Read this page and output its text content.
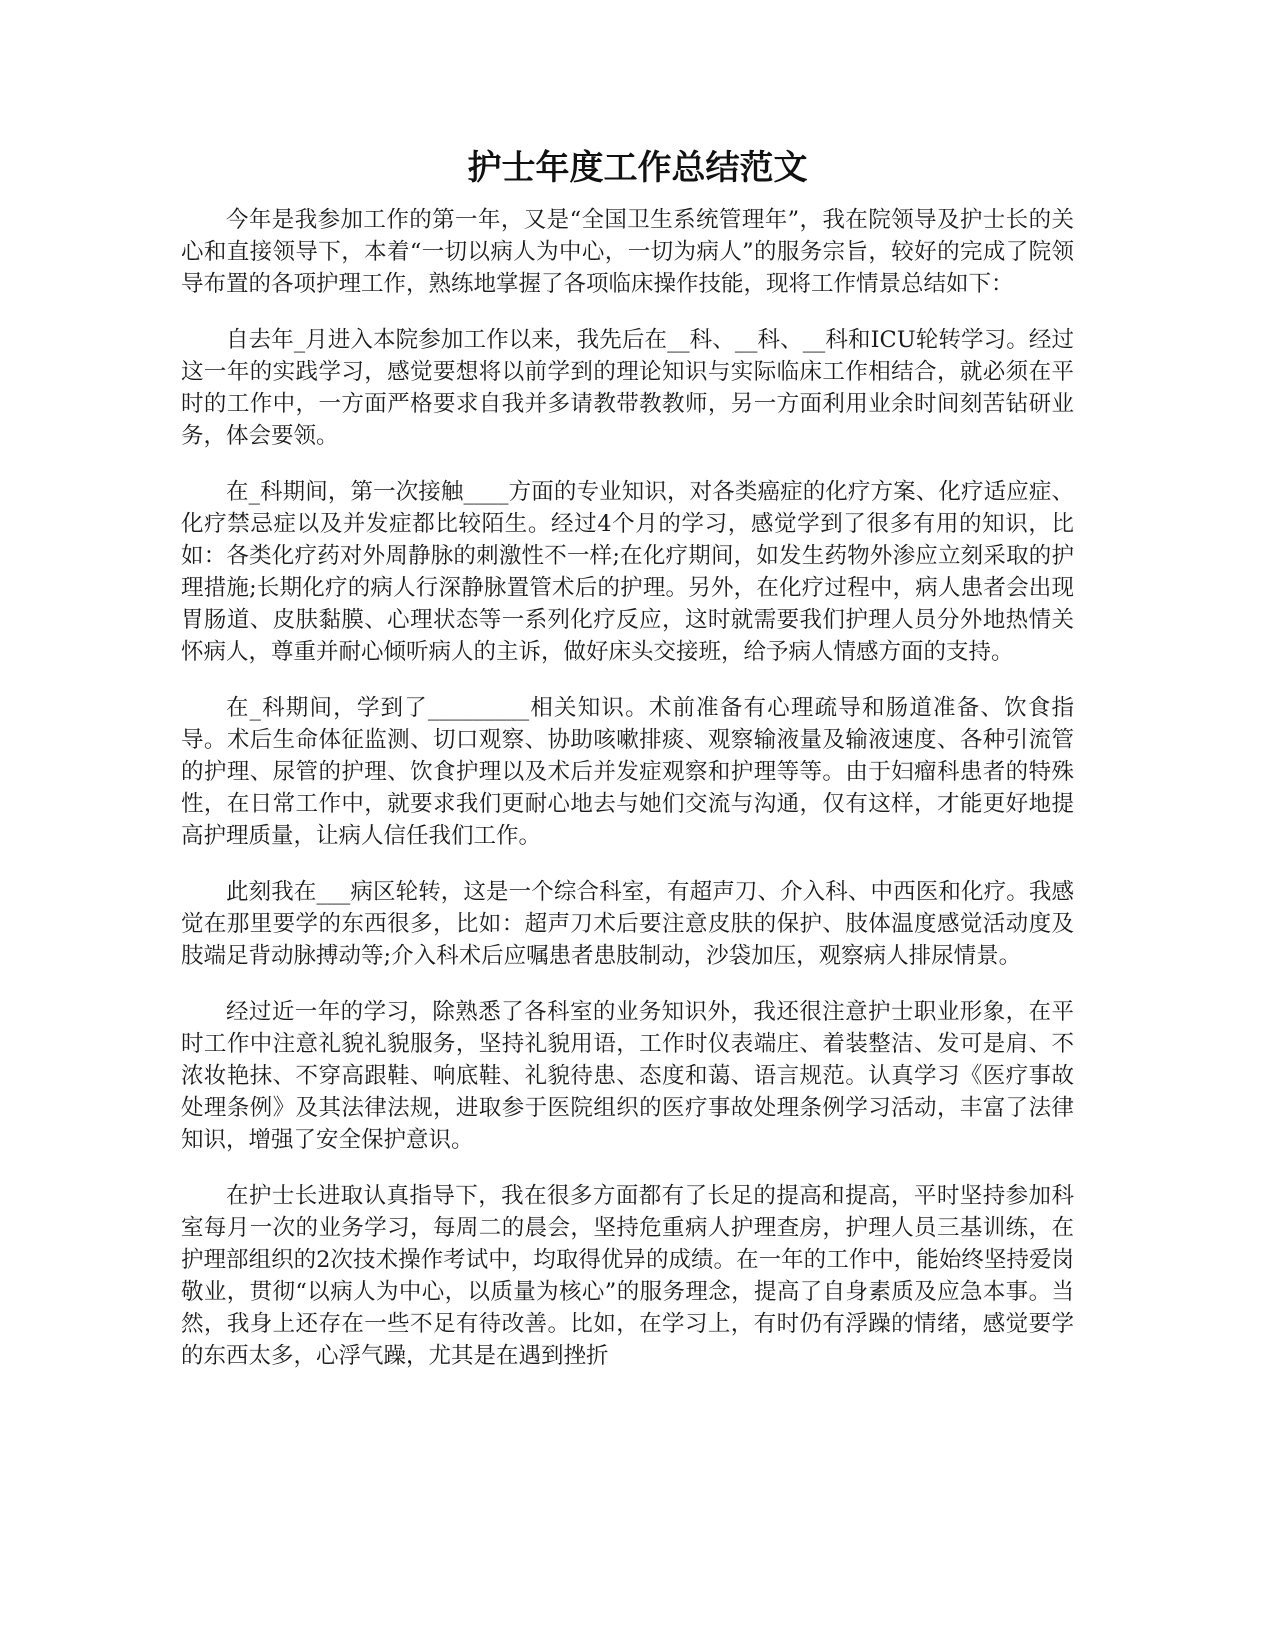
护士年度工作总结范文

今年是我参加工作的第一年，又是“全国卫生系统管理年”，我在院领导及护士长的关心和直接领导下，本着“一切以病人为中心，一切为病人”的服务宗旨，较好的完成了院领导布置的各项护理工作，熟练地掌握了各项临床操作技能，现将工作情景总结如下：

自去年_月进入本院参加工作以来，我先后在__科、__科、__科和ICU轮转学习。经过这一年的实践学习，感觉要想将以前学到的理论知识与实际临床工作相结合，就必须在平时的工作中，一方面严格要求自我并多请教带教教师，另一方面利用业余时间刻苦钻研业务，体会要领。

在_科期间，第一次接触____方面的专业知识，对各类癌症的化疗方案、化疗适应症、化疗禁忌症以及并发症都比较陌生。经过4个月的学习，感觉学到了很多有用的知识，比如：各类化疗药对外周静脉的刺激性不一样;在化疗期间，如发生药物外渗应立刻采取的护理措施;长期化疗的病人行深静脉置管术后的护理。另外，在化疗过程中，病人患者会出现胃肠道、皮肤黏膜、心理状态等一系列化疗反应，这时就需要我们护理人员分外地热情关怀病人，尊重并耐心倾听病人的主诉，做好床头交接班，给予病人情感方面的支持。

在_科期间，学到了_________相关知识。术前准备有心理疏导和肠道准备、饮食指导。术后生命体征监测、切口观察、协助咳嗽排痰、观察输液量及输液速度、各种引流管的护理、尿管的护理、饮食护理以及术后并发症观察和护理等等。由于妇瘤科患者的特殊性，在日常工作中，就要求我们更耐心地去与她们交流与沟通，仅有这样，才能更好地提高护理质量，让病人信任我们工作。

此刻我在___病区轮转，这是一个综合科室，有超声刀、介入科、中西医和化疗。我感觉在那里要学的东西很多，比如：超声刀术后要注意皮肤的保护、肢体温度感觉活动度及肢端足背动脉搏动等;介入科术后应嘱患者患肢制动，沙袋加压，观察病人排尿情景。

经过近一年的学习，除熟悉了各科室的业务知识外，我还很注意护士职业形象，在平时工作中注意礼貌礼貌服务，坚持礼貌用语，工作时仪表端庄、着装整洁、发可是肩、不浓妆艳抹、不穿高跟鞋、响底鞋、礼貌待患、态度和蔼、语言规范。认真学习《医疗事故处理条例》及其法律法规，进取参于医院组织的医疗事故处理条例学习活动，丰富了法律知识，增强了安全保护意识。

在护士长进取认真指导下，我在很多方面都有了长足的提高和提高，平时坚持参加科室每月一次的业务学习，每周二的晨会，坚持危重病人护理查房，护理人员三基训练，在护理部组织的2次技术操作考试中，均取得优异的成绩。在一年的工作中，能始终坚持爱岗敬业，贯彻“以病人为中心，以质量为核心”的服务理念，提高了自身素质及应急本事。当然，我身上还存在一些不足有待改善。比如，在学习上，有时仍有浮躁的情绪，感觉要学的东西太多，心浮气躁，尤其是在遇到挫折
